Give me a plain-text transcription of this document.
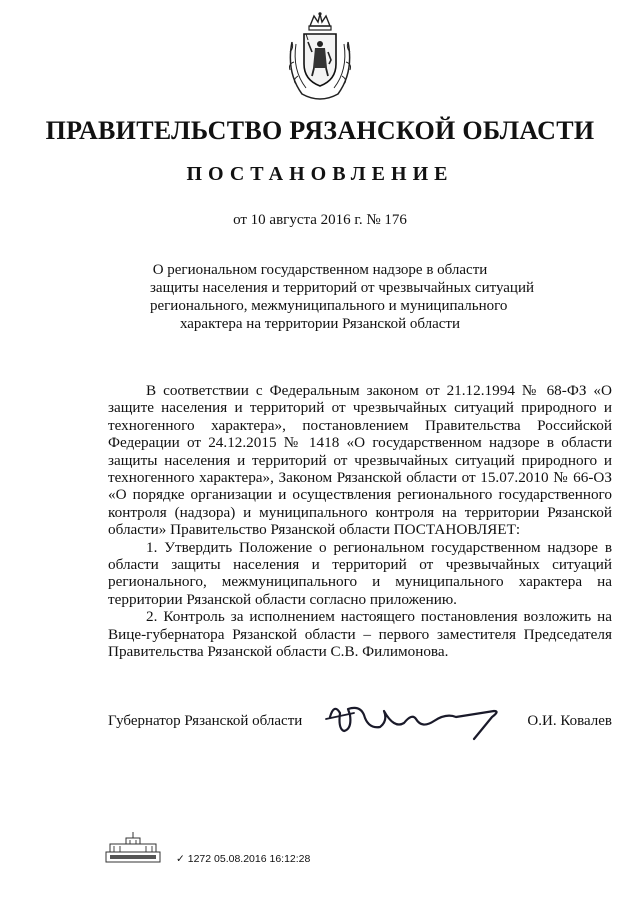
ПРАВИТЕЛЬСТВО РЯЗАНСКОЙ ОБЛАСТИ
ПОСТАНОВЛЕНИЕ
от 10 августа 2016 г. № 176
О региональном государственном надзоре в области
защиты населения и территорий от чрезвычайных ситуаций
регионального, межмуниципального и муниципального
характера на территории Рязанской области

В соответствии с Федеральным законом от 21.12.1994 № 68-ФЗ «О защите населения и территорий от чрезвычайных ситуаций природного и техногенного характера», постановлением Правительства Российской Федерации от 24.12.2015 № 1418 «О государственном надзоре в области защиты населения и территорий от чрезвычайных ситуаций природного и техногенного характера», Законом Рязанской области от 15.07.2010 № 66-ОЗ «О порядке организации и осуществления регионального государственного контроля (надзора) и муниципального контроля на территории Рязанской области» Правительство Рязанской области ПОСТАНОВЛЯЕТ:

1. Утвердить Положение о региональном государственном надзоре в области защиты населения и территорий от чрезвычайных ситуаций регионального, межмуниципального и муниципального характера на территории Рязанской области согласно приложению.

2. Контроль за исполнением настоящего постановления возложить на Вице-губернатора Рязанской области – первого заместителя Председателя Правительства Рязанской области С.В. Филимонова.

Губернатор Рязанской области	О.И. Ковалев
✓ 1272 05.08.2016 16:12:28
